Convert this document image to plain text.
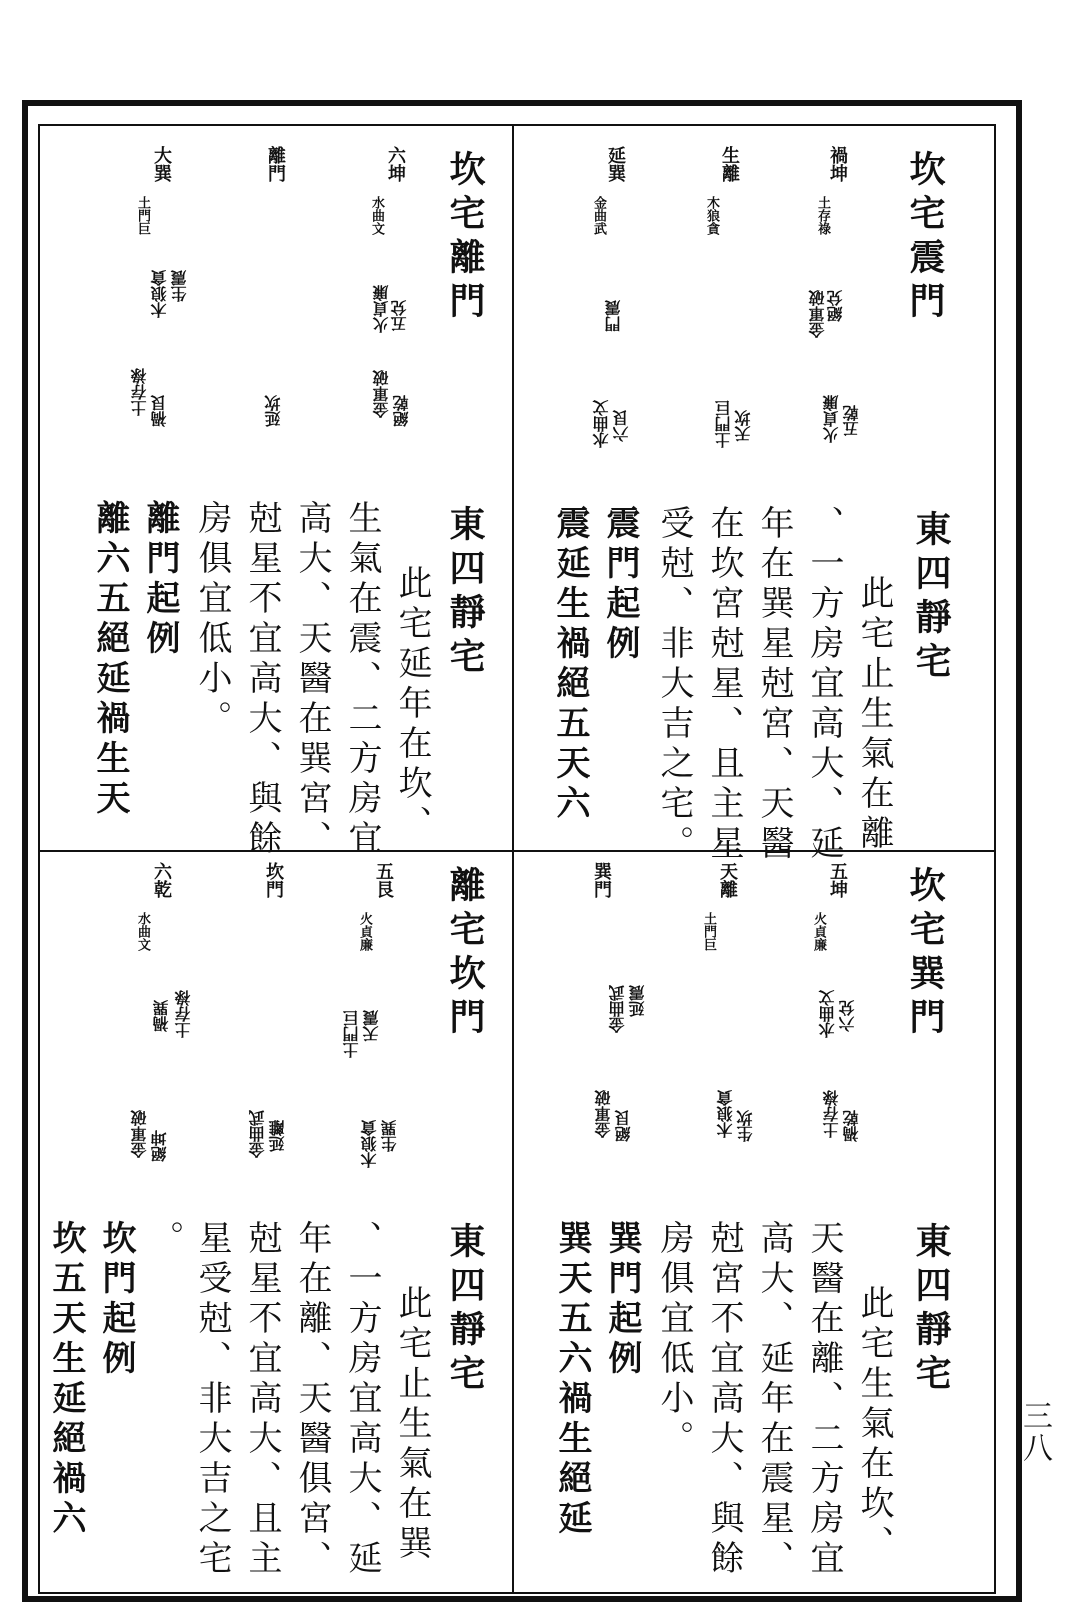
三八
坎宅震門
禍坤
土存祿
生離
木狼貪
延巽
金曲武
絕兌
金軍破
門震
五乾
火貞廉
天坎
土門巨
六艮
水曲文
東四靜宅
此宅止生氣在離
、一方房宜高大、延
年在巽星尅宮、天醫
在坎宮尅星、且主星
受尅、非大吉之宅。
震門起例
震延生禍絕五天六
坎宅離門
六坤
水曲文
離門
大巽
土門巨
五兌
火貞廉
生震
木狼貪
絕乾
金軍破
延坎
禍艮
土存祿
東四靜宅
此宅延年在坎、
生氣在震、二方房宜
高大、天醫在巽宮、
尅星不宜高大、與餘
房俱宜低小。
離門起例
離六五絕延禍生天
坎宅巽門
五坤
火貞廉
天離
土門巨
巽門
六兌
水曲文
延震
金曲武
禍乾
土存祿
生坎
木狼貪
絕艮
金軍破
東四靜宅
此宅生氣在坎、
天醫在離、二方房宜
高大、延年在震星、
尅宮不宜高大、與餘
房俱宜低小。
巽門起例
巽天五六禍生絕延
離宅坎門
五艮
火貞廉
坎門
六乾
水曲文
天震
土門巨
禍巽 土存祿
生巽
木狼貪
延離
金曲武
絕坤
金軍破
東四靜宅
此宅止生氣在巽
、一方房宜高大、延
年在離、天醫俱宮、
尅星不宜高大、且主
星受尅、非大吉之宅
。
坎門起例
坎五天生延絕禍六
